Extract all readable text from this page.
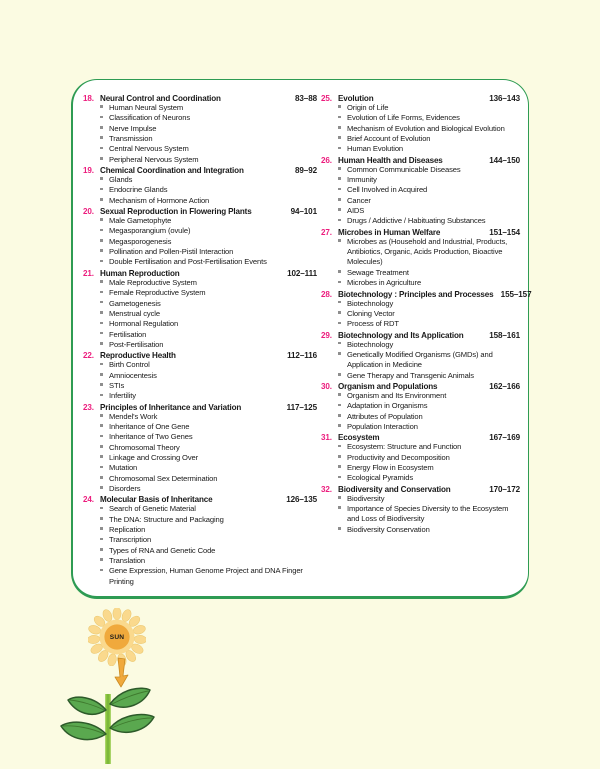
18. Neural Control and Coordination	83–88
Human Neural System
Classification of Neurons
Nerve Impulse
Transmission
Central Nervous System
Peripheral Nervous System
19. Chemical Coordination and Integration	89–92
Glands
Endocrine Glands
Mechanism of Hormone Action
20. Sexual Reproduction in Flowering Plants	94–101
Male Gametophyte
Megasporangium (ovule)
Megasporogenesis
Pollination and Pollen-Pistil Interaction
Double Fertilisation and Post-Fertilisation Events
21. Human Reproduction	102–111
Male Reproductive System
Female Reproductive System
Gametogenesis
Menstrual cycle
Hormonal Regulation
Fertilisation
Post-Fertilisation
22. Reproductive Health	112–116
Birth Control
Amniocentesis
STIs
Infertility
23. Principles of Inheritance and Variation	117–125
Mendel's Work
Inheritance of One Gene
Inheritance of Two Genes
Chromosomal Theory
Linkage and Crossing Over
Mutation
Chromosomal Sex Determination
Disorders
24. Molecular Basis of Inheritance	126–135
Search of Genetic Material
The DNA: Structure and Packaging
Replication
Transcription
Types of RNA and Genetic Code
Translation
Gene Expression, Human Genome Project and DNA Finger Printing
25. Evolution	136–143
Origin of Life
Evolution of Life Forms, Evidences
Mechanism of Evolution and Biological Evolution
Brief Account of Evolution
Human Evolution
26. Human Health and Diseases	144–150
Common Communicable Diseases
Immunity
Cell Involved in Acquired
Cancer
AIDS
Drugs / Addictive / Habituating Substances
27. Microbes in Human Welfare	151–154
Microbes as (Household and Industrial, Products, Antibiotics, Organic, Acids Production, Bioactive Molecules)
Sewage Treatment
Microbes in Agriculture
28. Biotechnology : Principles and Processes 155–157
Biotechnology
Cloning Vector
Process of RDT
29. Biotechnology and Its Application	158–161
Biotechnology
Genetically Modified Organisms (GMDs) and Application in Medicine
Gene Therapy and Transgenic Animals
30. Organism and Populations	162–166
Organism and Its Environment
Adaptation in Organisms
Attributes of Population
Population Interaction
31. Ecosystem	167–169
Ecosystem: Structure and Function
Productivity and Decomposition
Energy Flow in Ecosystem
Ecological Pyramids
32. Biodiversity and Conservation	170–172
Biodiversity
Importance of Species Diversity to the Ecosystem and Loss of Biodiversity
Biodiversity Conservation
SUN
